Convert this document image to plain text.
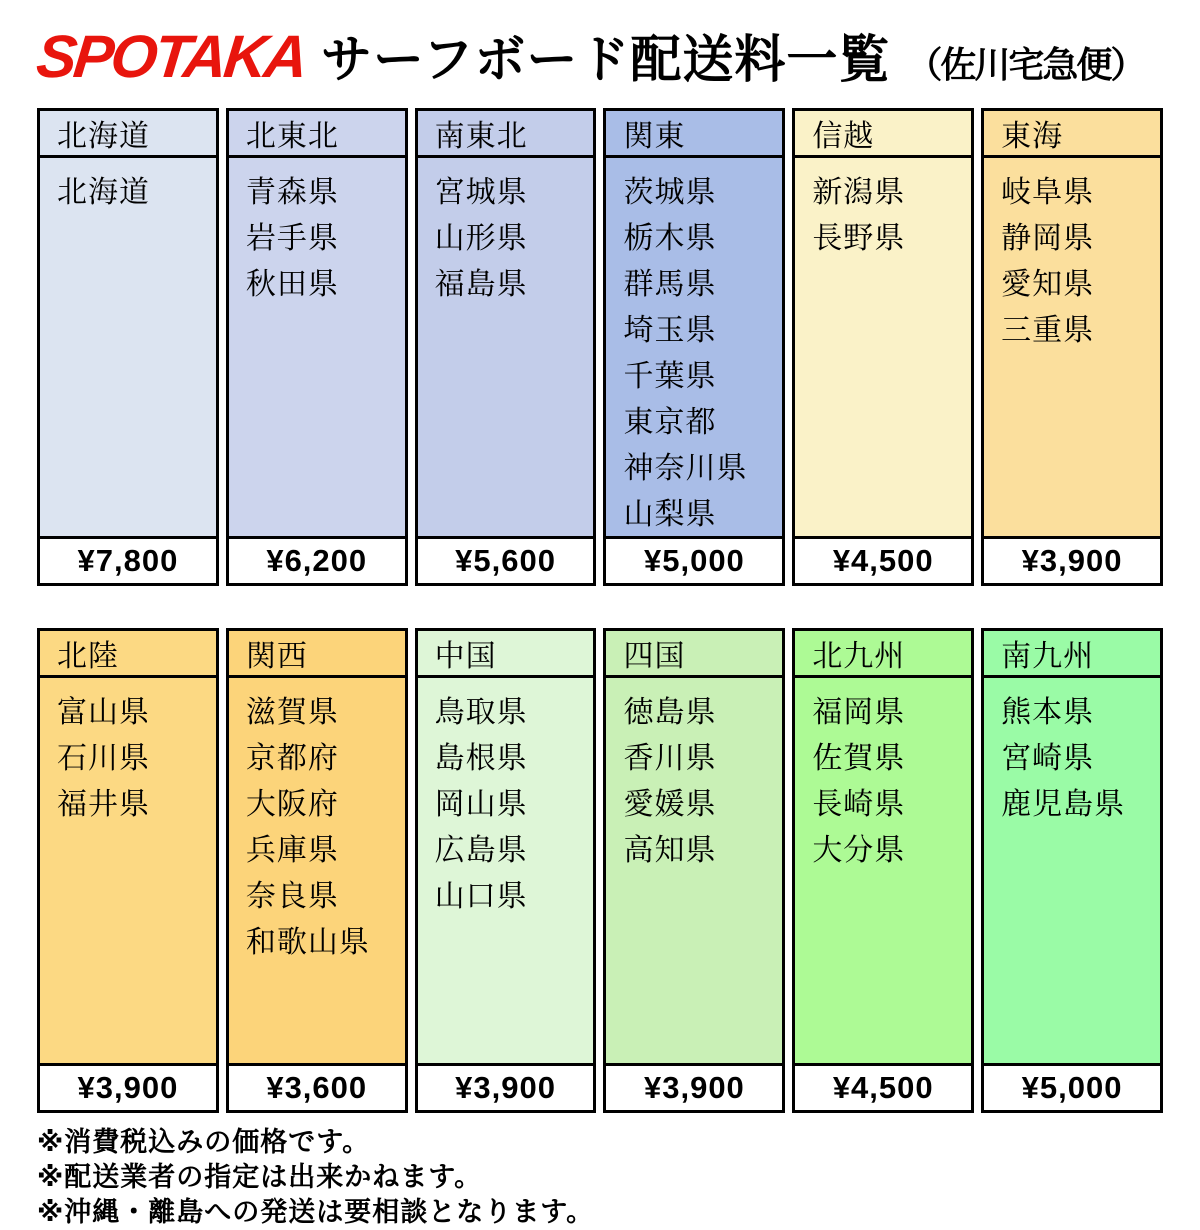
SPOTAKA サーフボード配送料一覧 （佐川宅急便）
北海道
北海道
¥7,800
北東北
青森県
岩手県
秋田県
¥6,200
南東北
宮城県
山形県
福島県
¥5,600
関東
茨城県
栃木県
群馬県
埼玉県
千葉県
東京都
神奈川県
山梨県
¥5,000
信越
新潟県
長野県
¥4,500
東海
岐阜県
静岡県
愛知県
三重県
¥3,900
北陸
富山県
石川県
福井県
¥3,900
関西
滋賀県
京都府
大阪府
兵庫県
奈良県
和歌山県
¥3,600
中国
鳥取県
島根県
岡山県
広島県
山口県
¥3,900
四国
徳島県
香川県
愛媛県
高知県
¥3,900
北九州
福岡県
佐賀県
長崎県
大分県
¥4,500
南九州
熊本県
宮崎県
鹿児島県
¥5,000
※消費税込みの価格です。
※配送業者の指定は出来かねます。
※沖縄・離島への発送は要相談となります。
